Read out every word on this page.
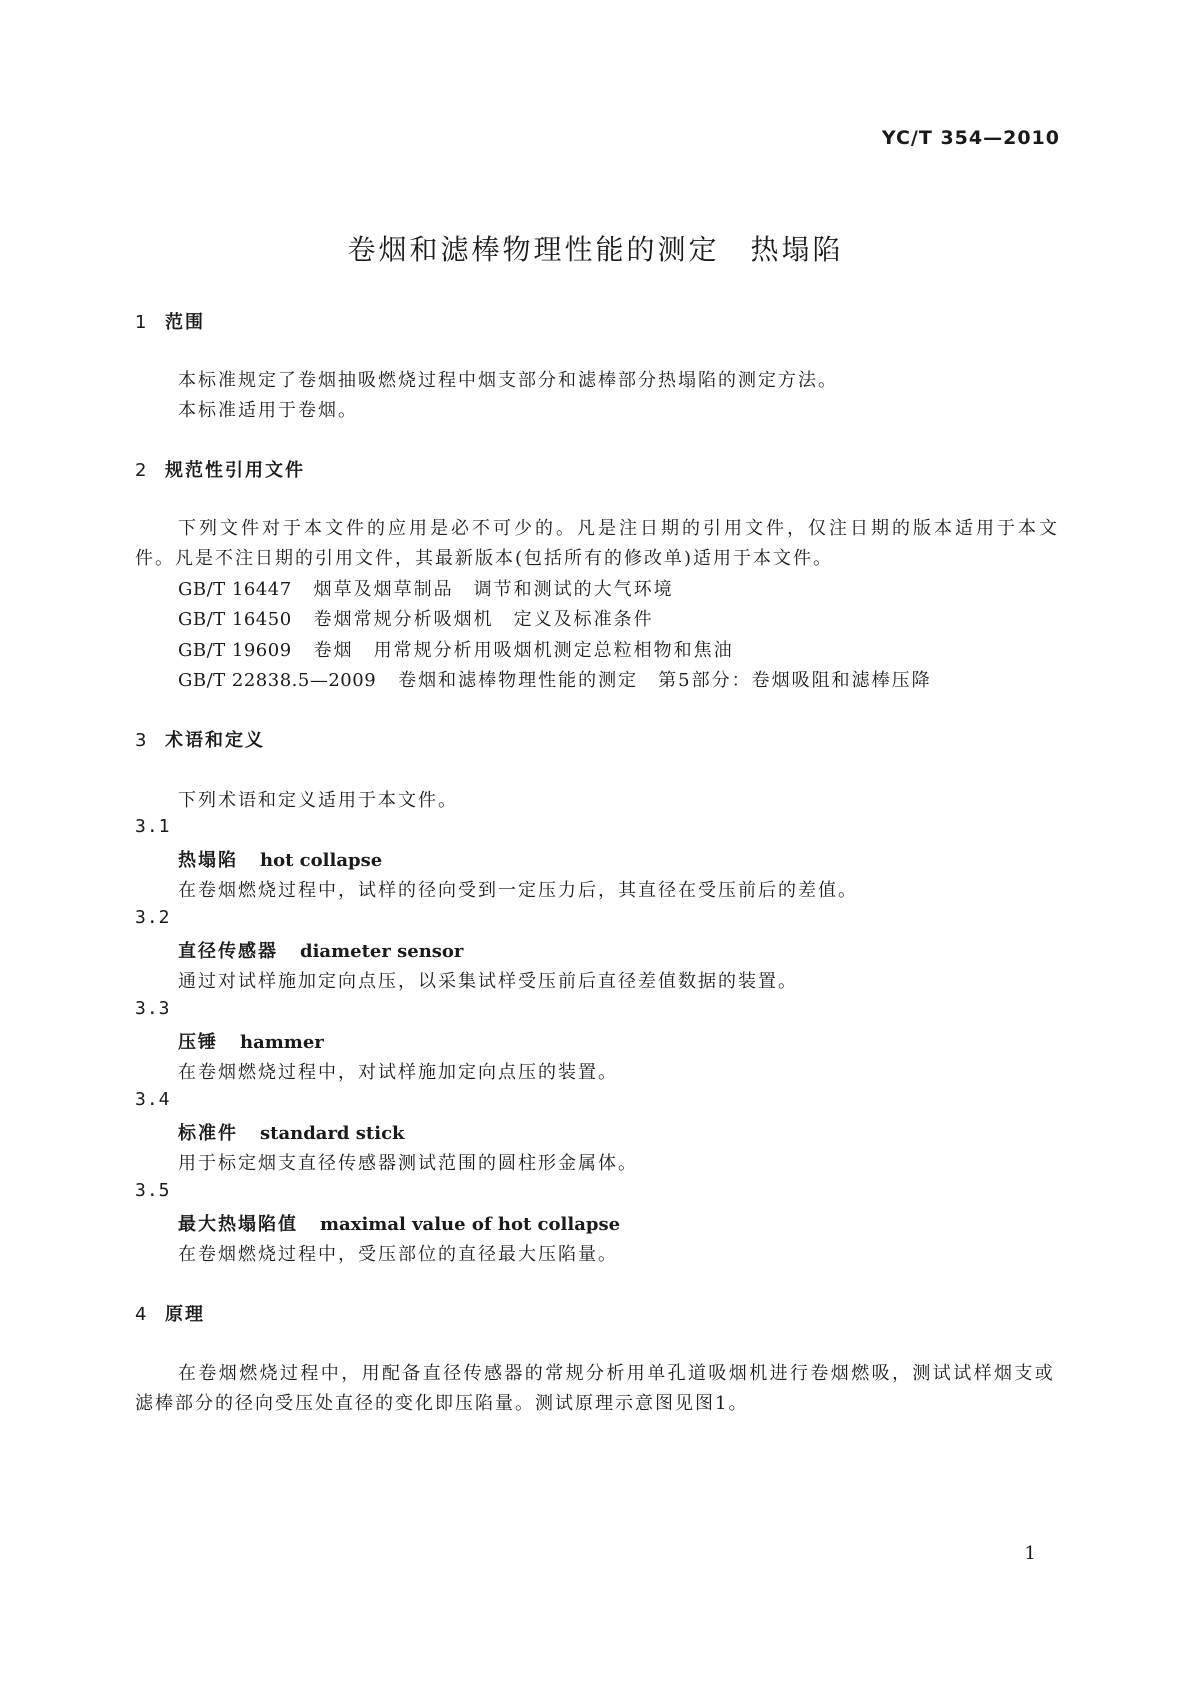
YC/T 354—2010
卷烟和滤棒物理性能的测定　热塌陷
1 范围
本标准规定了卷烟抽吸燃烧过程中烟支部分和滤棒部分热塌陷的测定方法。
本标准适用于卷烟。
2 规范性引用文件
下列文件对于本文件的应用是必不可少的。凡是注日期的引用文件，仅注日期的版本适用于本文
件。凡是不注日期的引用文件，其最新版本(包括所有的修改单)适用于本文件。
GB/T 16447 烟草及烟草制品　调节和测试的大气环境
GB/T 16450 卷烟常规分析吸烟机　定义及标准条件
GB/T 19609 卷烟　用常规分析用吸烟机测定总粒相物和焦油
GB/T 22838.5—2009 卷烟和滤棒物理性能的测定　第5部分：卷烟吸阻和滤棒压降
3 术语和定义
下列术语和定义适用于本文件。
3.1
热塌陷 hot collapse
在卷烟燃烧过程中，试样的径向受到一定压力后，其直径在受压前后的差值。
3.2
直径传感器 diameter sensor
通过对试样施加定向点压，以采集试样受压前后直径差值数据的装置。
3.3
压锤 hammer
在卷烟燃烧过程中，对试样施加定向点压的装置。
3.4
标准件 standard stick
用于标定烟支直径传感器测试范围的圆柱形金属体。
3.5
最大热塌陷值 maximal value of hot collapse
在卷烟燃烧过程中，受压部位的直径最大压陷量。
4 原理
在卷烟燃烧过程中，用配备直径传感器的常规分析用单孔道吸烟机进行卷烟燃吸，测试试样烟支或
滤棒部分的径向受压处直径的变化即压陷量。测试原理示意图见图1。
1
